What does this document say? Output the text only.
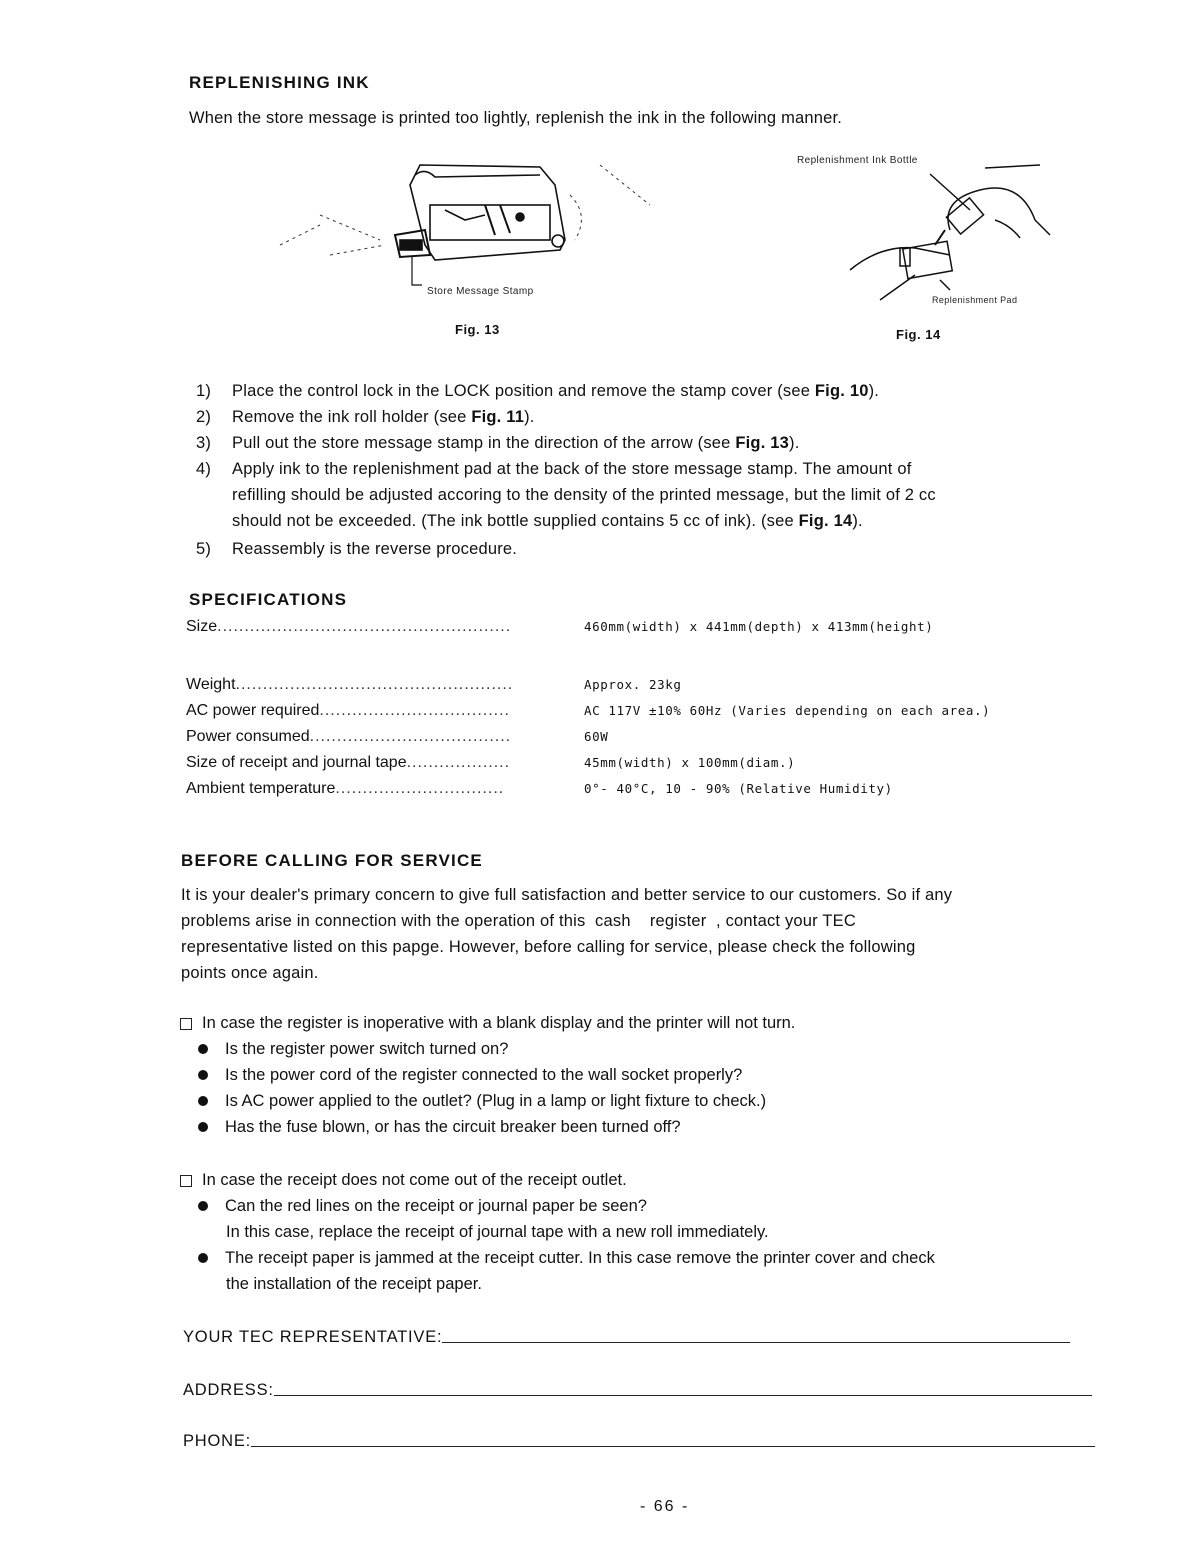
REPLENISHING INK
When the store message is printed too lightly, replenish the ink in the following manner.
Store Message Stamp
Fig. 13
Replenishment Ink Bottle
Replenishment Pad
Fig. 14
1) Place the control lock in the LOCK position and remove the stamp cover (see Fig. 10).
2) Remove the ink roll holder (see Fig. 11).
3) Pull out the store message stamp in the direction of the arrow (see Fig. 13).
4) Apply ink to the replenishment pad at the back of the store message stamp. The amount of
refilling should be adjusted accoring to the density of the printed message, but the limit of 2 cc
should not be exceeded. (The ink bottle supplied contains 5 cc of ink). (see Fig. 14).
5) Reassembly is the reverse procedure.
SPECIFICATIONS
Size......................................................	460mm(width) x 441mm(depth) x 413mm(height)
Weight...................................................	Approx. 23kg
AC power required...................................	AC 117V ±10% 60Hz (Varies depending on each area.)
Power consumed.....................................	60W
Size of receipt and journal tape...................	45mm(width) x 100mm(diam.)
Ambient temperature...............................	0°- 40°C, 10 - 90% (Relative Humidity)
BEFORE CALLING FOR SERVICE
It is your dealer's primary concern to give full satisfaction and better service to our customers. So if any
problems arise in connection with the operation of this  cash    register  , contact your TEC
representative listed on this papge. However, before calling for service, please check the following
points once again.
In case the register is inoperative with a blank display and the printer will not turn.
Is the register power switch turned on?
Is the power cord of the register connected to the wall socket properly?
Is AC power applied to the outlet? (Plug in a lamp or light fixture to check.)
Has the fuse blown, or has the circuit breaker been turned off?
In case the receipt does not come out of the receipt outlet.
Can the red lines on the receipt or journal paper be seen?
In this case, replace the receipt of journal tape with a new roll immediately.
The receipt paper is jammed at the receipt cutter. In this case remove the printer cover and check
the installation of the receipt paper.
YOUR TEC REPRESENTATIVE:
ADDRESS:
PHONE:
- 66 -
